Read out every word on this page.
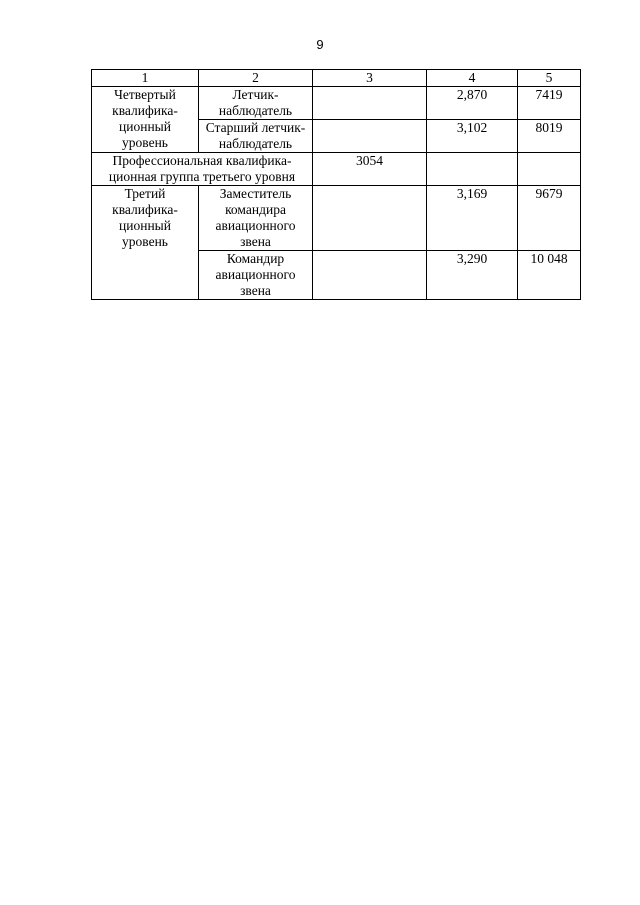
9
1	2	3	4	5

Четвертый
квалифика-
ционный
уровень	Летчик-
наблюдатель		2,870	7419

	Старший летчик-
наблюдатель		3,102	8019

Профессиональная квалифика-
ционная группа третьего уровня		3054		

Третий
квалифика-
ционный
уровень	Заместитель
командира
авиационного
звена		3,169	9679

	Командир
авиационного
звена		3,290	10 048
